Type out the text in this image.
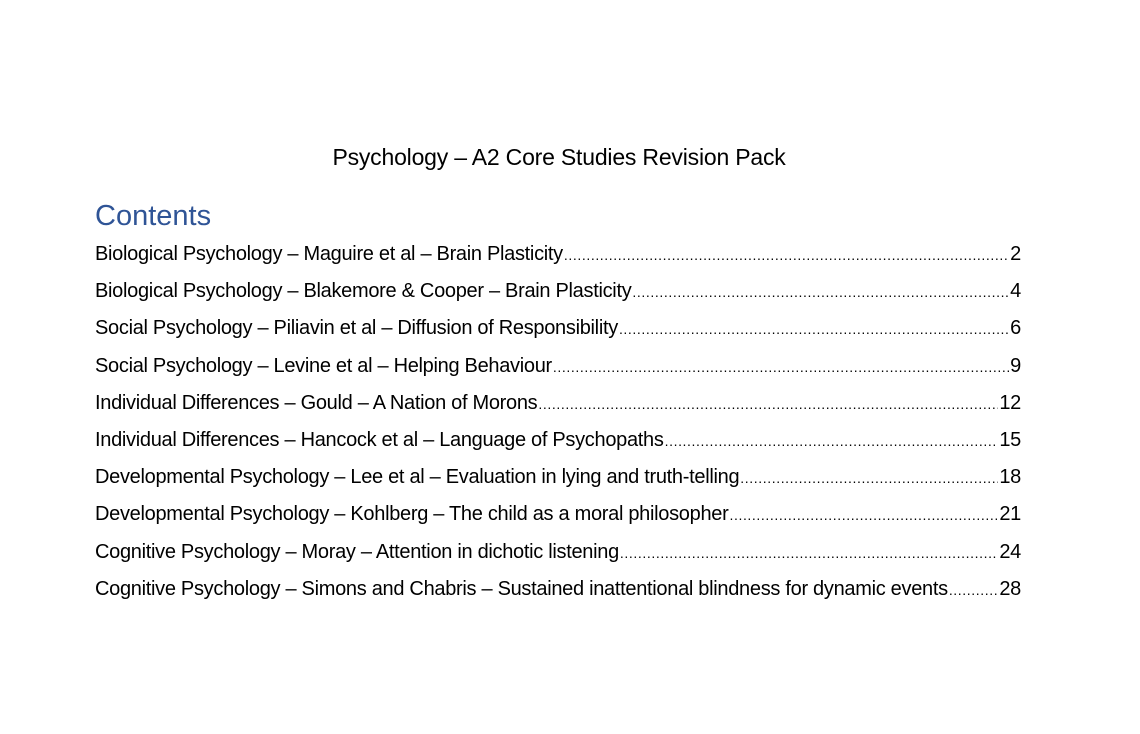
Psychology – A2 Core Studies Revision Pack
Contents
Biological Psychology – Maguire et al – Brain Plasticity .....	2
Biological Psychology – Blakemore & Cooper – Brain Plasticity .....	4
Social Psychology – Piliavin et al – Diffusion of Responsibility .....	6
Social Psychology – Levine et al – Helping Behaviour .....	9
Individual Differences – Gould – A Nation of Morons .....	12
Individual Differences – Hancock et al – Language of Psychopaths .....	15
Developmental Psychology – Lee et al – Evaluation in lying and truth-telling .....	18
Developmental Psychology – Kohlberg – The child as a moral philosopher .....	21
Cognitive Psychology – Moray – Attention in dichotic listening .....	24
Cognitive Psychology – Simons and Chabris – Sustained inattentional blindness for dynamic events .....	28
